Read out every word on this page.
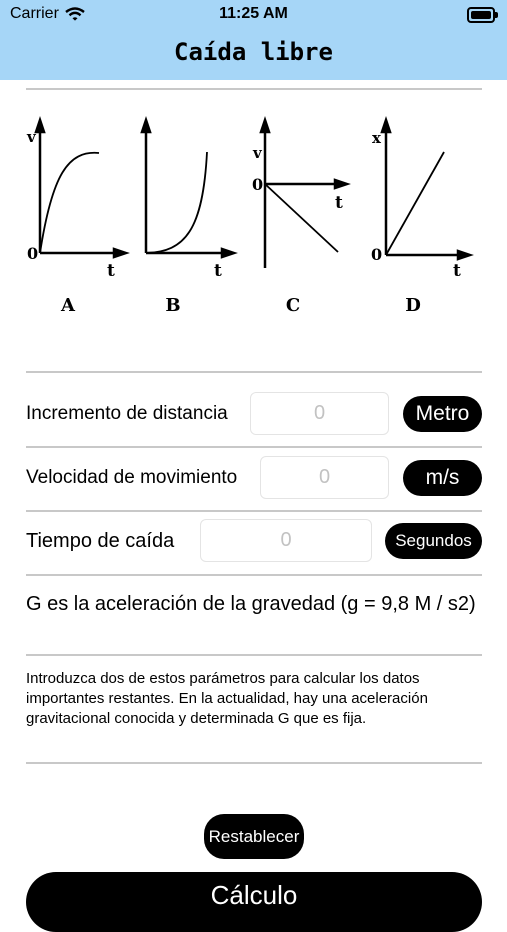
Carrier	11:25 AM
Caída libre
v
0
t	t
v
0
t
x
0
t
A	B	C	D
Incremento de distancia	0	Metro
Velocidad de movimiento	0	m/s
Tiempo de caída	0	Segundos
G es la aceleración de la gravedad (g = 9,8 M / s2)
Introduzca dos de estos parámetros para calcular los datos importantes restantes. En la actualidad, hay una aceleración gravitacional conocida y determinada G que es fija.
Restablecer
Cálculo
